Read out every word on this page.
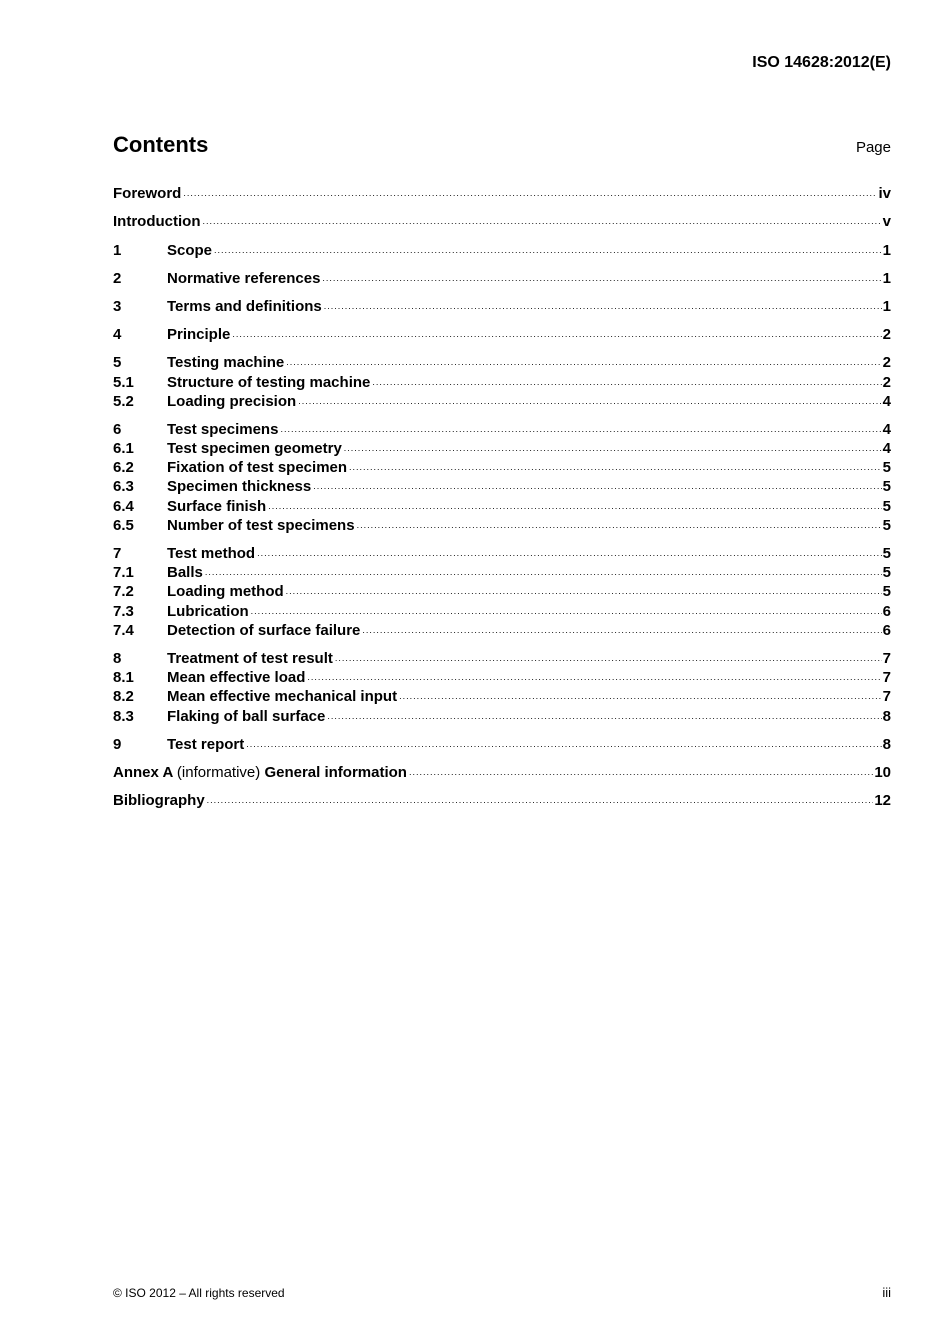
ISO 14628:2012(E)
Contents	Page
Foreword .....	iv
Introduction .....	v
1	Scope .....	1
2	Normative references .....	1
3	Terms and definitions .....	1
4	Principle .....	2
5	Testing machine .....	2
5.1	Structure of testing machine .....	2
5.2	Loading precision .....	4
6	Test specimens .....	4
6.1	Test specimen geometry .....	4
6.2	Fixation of test specimen .....	5
6.3	Specimen thickness .....	5
6.4	Surface finish .....	5
6.5	Number of test specimens .....	5
7	Test method .....	5
7.1	Balls .....	5
7.2	Loading method .....	5
7.3	Lubrication .....	6
7.4	Detection of surface failure .....	6
8	Treatment of test result .....	7
8.1	Mean effective load .....	7
8.2	Mean effective mechanical input .....	7
8.3	Flaking of ball surface .....	8
9	Test report .....	8
Annex A (informative) General information .....	10
Bibliography .....	12
© ISO 2012 – All rights reserved	iii
